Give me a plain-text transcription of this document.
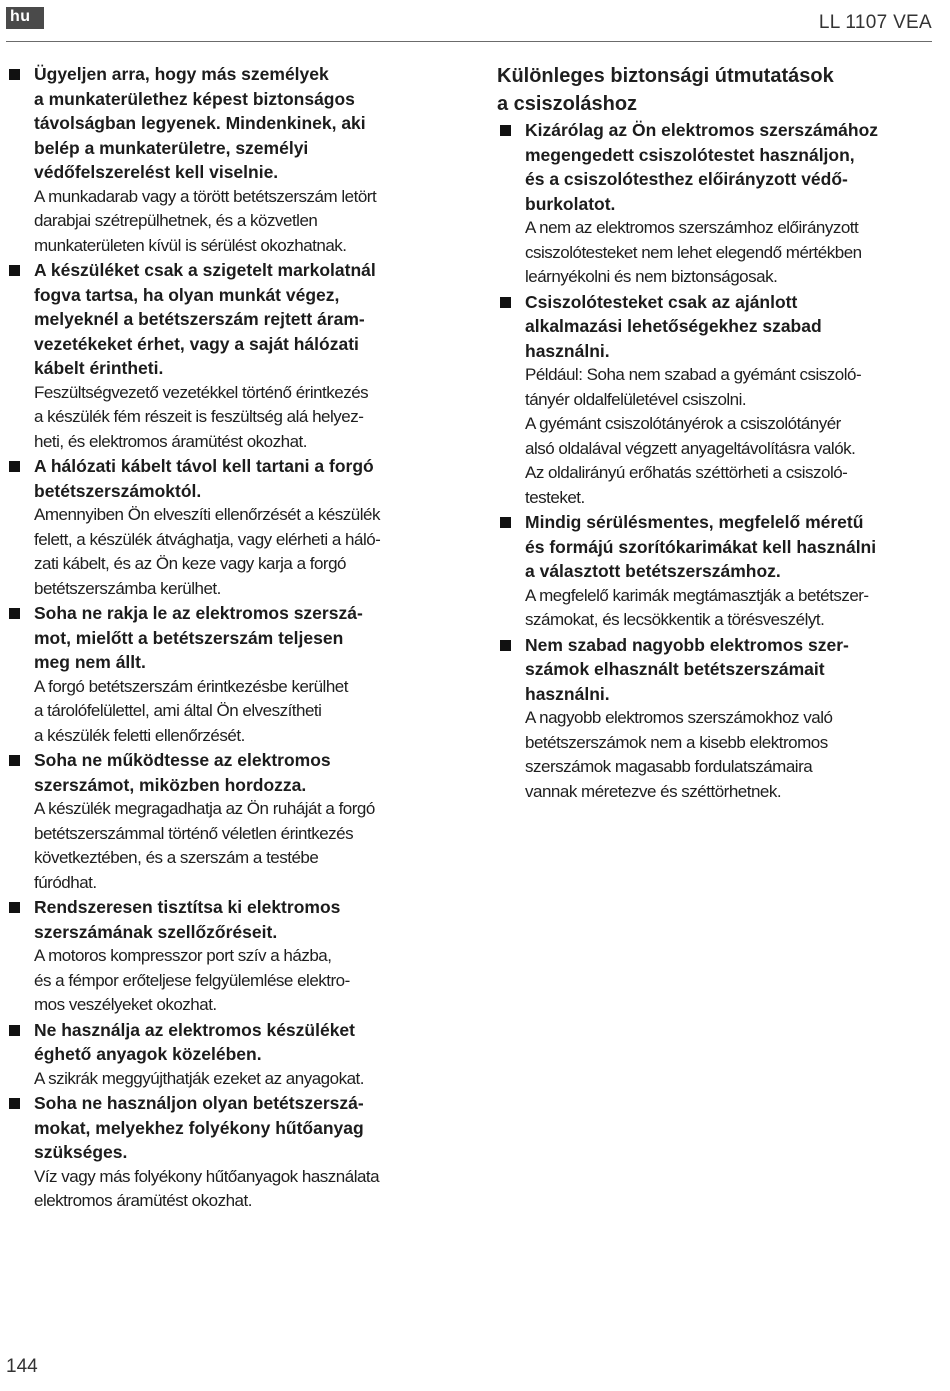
hu	LL 1107 VEA

Ügyeljen arra, hogy más személyek
a munkaterülethez képest biztonságos
távolságban legyenek. Mindenkinek, aki
belép a munkaterületre, személyi
védőfelszerelést kell viselnie.

A munkadarab vagy a törött betétszerszám letört
darabjai szétrepülhetnek, és a közvetlen
munkaterületen kívül is sérülést okozhatnak.

A készüléket csak a szigetelt markolatnál
fogva tartsa, ha olyan munkát végez,
melyeknél a betétszerszám rejtett áram-
vezetékeket érhet, vagy a saját hálózati
kábelt érintheti.

Feszültségvezető vezetékkel történő érintkezés
a készülék fém részeit is feszültség alá helyez-
heti, és elektromos áramütést okozhat.

A hálózati kábelt távol kell tartani a forgó
betétszerszámoktól.

Amennyiben Ön elveszíti ellenőrzését a készülék
felett, a készülék átvághatja, vagy elérheti a háló-
zati kábelt, és az Ön keze vagy karja a forgó
betétszerszámba kerülhet.

Soha ne rakja le az elektromos szerszá-
mot, mielőtt a betétszerszám teljesen
meg nem állt.

A forgó betétszerszám érintkezésbe kerülhet
a tárolófelülettel, ami által Ön elveszítheti
a készülék feletti ellenőrzését.

Soha ne működtesse az elektromos
szerszámot, miközben hordozza.

A készülék megragadhatja az Ön ruháját a forgó
betétszerszámmal történő véletlen érintkezés
következtében, és a szerszám a testébe
fúródhat.

Rendszeresen tisztítsa ki elektromos
szerszámának szellőzőréseit.

A motoros kompresszor port szív a házba,
és a fémpor erőteljese felgyülemlése elektro-
mos veszélyeket okozhat.

Ne használja az elektromos készüléket
éghető anyagok közelében.

A szikrák meggyújthatják ezeket az anyagokat.

Soha ne használjon olyan betétszerszá-
mokat, melyekhez folyékony hűtőanyag
szükséges.

Víz vagy más folyékony hűtőanyagok használata
elektromos áramütést okozhat.

Különleges biztonsági útmutatások
a csiszoláshoz

Kizárólag az Ön elektromos szerszámához
megengedett csiszolótestet használjon,
és a csiszolótesthez előirányzott védő-
burkolatot.

A nem az elektromos szerszámhoz előirányzott
csiszolótesteket nem lehet elegendő mértékben
leárnyékolni és nem biztonságosak.

Csiszolótesteket csak az ajánlott
alkalmazási lehetőségekhez szabad
használni.

Például: Soha nem szabad a gyémánt csiszoló-
tányér oldalfelületével csiszolni.
A gyémánt csiszolótányérok a csiszolótányér
alsó oldalával végzett anyageltávolításra valók.
Az oldalirányú erőhatás széttörheti a csiszoló-
testeket.

Mindig sérülésmentes, megfelelő méretű
és formájú szorítókarimákat kell használni
a választott betétszerszámhoz.

A megfelelő karimák megtámasztják a betétszer-
számokat, és lecsökkentik a törésveszélyt.

Nem szabad nagyobb elektromos szer-
számok elhasznált betétszerszámait
használni.

A nagyobb elektromos szerszámokhoz való
betétszerszámok nem a kisebb elektromos
szerszámok magasabb fordulatszámaira
vannak méretezve és széttörhetnek.

144
